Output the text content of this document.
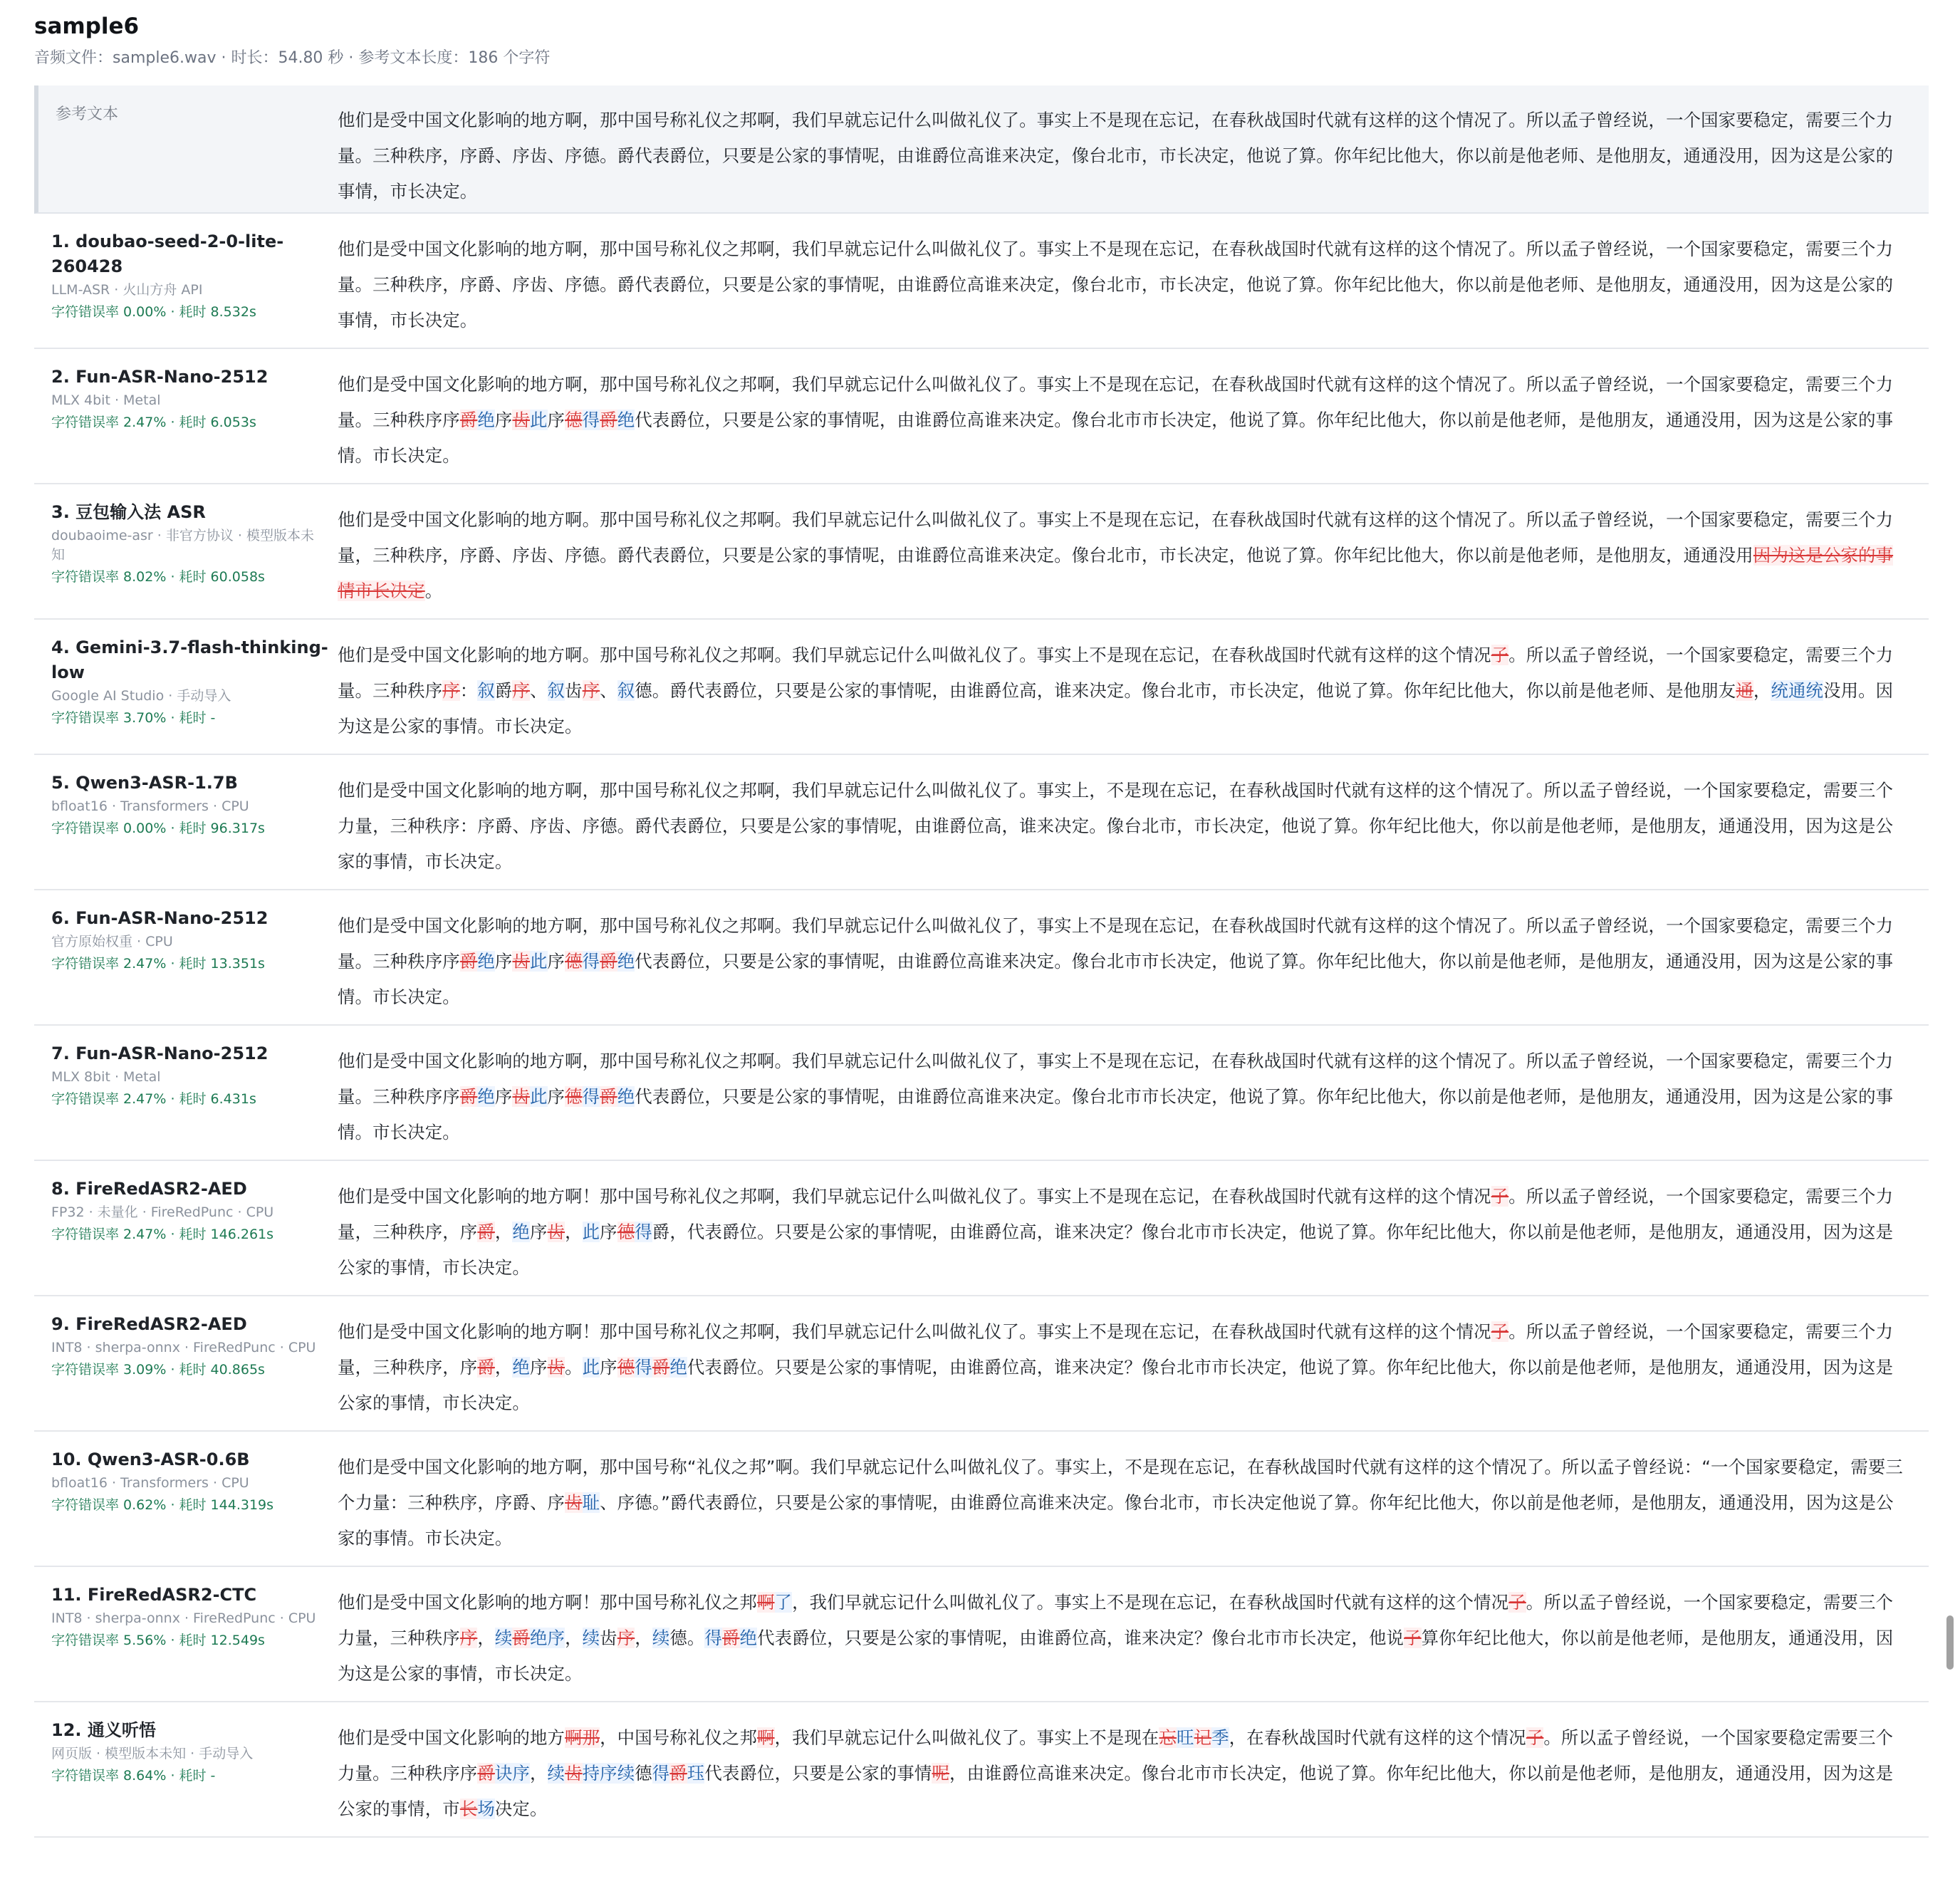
sample6
音频文件：sample6.wav · 时长：54.80 秒 · 参考文本长度：186 个字符
参考文本	他们是受中国文化影响的地方啊，那中国号称礼仪之邦啊，我们早就忘记什么叫做礼仪了。事实上不是现在忘记，在春秋战国时代就有这样的这个情况了。所以孟子曾经说，一个国家要稳定，需要三个力量。三种秩序，序爵、序齿、序德。爵代表爵位，只要是公家的事情呢，由谁爵位高谁来决定，像台北市，市长决定，他说了算。你年纪比他大，你以前是他老师、是他朋友，通通没用，因为这是公家的事情，市长决定。
1. doubao-seed-2-0-lite-
260428
LLM-ASR · 火山方舟 API
字符错误率 0.00% · 耗时 8.532s
他们是受中国文化影响的地方啊，那中国号称礼仪之邦啊，我们早就忘记什么叫做礼仪了。事实上不是现在忘记，在春秋战国时代就有这样的这个情况了。所以孟子曾经说，一个国家要稳定，需要三个力量。三种秩序，序爵、序齿、序德。爵代表爵位，只要是公家的事情呢，由谁爵位高谁来决定，像台北市，市长决定，他说了算。你年纪比他大，你以前是他老师、是他朋友，通通没用，因为这是公家的事情，市长决定。
2. Fun-ASR-Nano-2512
MLX 4bit · Metal
字符错误率 2.47% · 耗时 6.053s
他们是受中国文化影响的地方啊，那中国号称礼仪之邦啊，我们早就忘记什么叫做礼仪了。事实上不是现在忘记，在春秋战国时代就有这样的这个情况了。所以孟子曾经说，一个国家要稳定，需要三个力量。三种秩序序爵绝序齿此序德得爵绝代表爵位，只要是公家的事情呢，由谁爵位高谁来决定。像台北市市长决定，他说了算。你年纪比他大，你以前是他老师，是他朋友，通通没用，因为这是公家的事情。市长决定。
3. 豆包输入法 ASR
doubaoime-asr · 非官方协议 · 模型版本未知
字符错误率 8.02% · 耗时 60.058s
他们是受中国文化影响的地方啊。那中国号称礼仪之邦啊。我们早就忘记什么叫做礼仪了。事实上不是现在忘记，在春秋战国时代就有这样的这个情况了。所以孟子曾经说，一个国家要稳定，需要三个力量，三种秩序，序爵、序齿、序德。爵代表爵位，只要是公家的事情呢，由谁爵位高谁来决定。像台北市，市长决定，他说了算。你年纪比他大，你以前是他老师，是他朋友，通通没用因为这是公家的事情市长决定。
4. Gemini-3.7-flash-thinking-
low
Google AI Studio · 手动导入
字符错误率 3.70% · 耗时 -
他们是受中国文化影响的地方啊。那中国号称礼仪之邦啊。我们早就忘记什么叫做礼仪了。事实上不是现在忘记，在春秋战国时代就有这样的这个情况子。所以孟子曾经说，一个国家要稳定，需要三个力量。三种秩序序：叙爵序、叙齿序、叙德。爵代表爵位，只要是公家的事情呢，由谁爵位高，谁来决定。像台北市，市长决定，他说了算。你年纪比他大，你以前是他老师、是他朋友通，统通统没用。因为这是公家的事情。市长决定。
5. Qwen3-ASR-1.7B
bfloat16 · Transformers · CPU
字符错误率 0.00% · 耗时 96.317s
他们是受中国文化影响的地方啊，那中国号称礼仪之邦啊，我们早就忘记什么叫做礼仪了。事实上，不是现在忘记，在春秋战国时代就有这样的这个情况了。所以孟子曾经说，一个国家要稳定，需要三个力量，三种秩序：序爵、序齿、序德。爵代表爵位，只要是公家的事情呢，由谁爵位高，谁来决定。像台北市，市长决定，他说了算。你年纪比他大，你以前是他老师，是他朋友，通通没用，因为这是公家的事情，市长决定。
6. Fun-ASR-Nano-2512
官方原始权重 · CPU
字符错误率 2.47% · 耗时 13.351s
他们是受中国文化影响的地方啊，那中国号称礼仪之邦啊。我们早就忘记什么叫做礼仪了，事实上不是现在忘记，在春秋战国时代就有这样的这个情况了。所以孟子曾经说，一个国家要稳定，需要三个力量。三种秩序序爵绝序齿此序德得爵绝代表爵位，只要是公家的事情呢，由谁爵位高谁来决定。像台北市市长决定，他说了算。你年纪比他大，你以前是他老师，是他朋友，通通没用，因为这是公家的事情。市长决定。
7. Fun-ASR-Nano-2512
MLX 8bit · Metal
字符错误率 2.47% · 耗时 6.431s
他们是受中国文化影响的地方啊，那中国号称礼仪之邦啊。我们早就忘记什么叫做礼仪了，事实上不是现在忘记，在春秋战国时代就有这样的这个情况了。所以孟子曾经说，一个国家要稳定，需要三个力量。三种秩序序爵绝序齿此序德得爵绝代表爵位，只要是公家的事情呢，由谁爵位高谁来决定。像台北市市长决定，他说了算。你年纪比他大，你以前是他老师，是他朋友，通通没用，因为这是公家的事情。市长决定。
8. FireRedASR2-AED
FP32 · 未量化 · FireRedPunc · CPU
字符错误率 2.47% · 耗时 146.261s
他们是受中国文化影响的地方啊！那中国号称礼仪之邦啊，我们早就忘记什么叫做礼仪了。事实上不是现在忘记，在春秋战国时代就有这样的这个情况子。所以孟子曾经说，一个国家要稳定，需要三个力量，三种秩序，序爵，绝序齿，此序德得爵，代表爵位。只要是公家的事情呢，由谁爵位高，谁来决定？像台北市市长决定，他说了算。你年纪比他大，你以前是他老师，是他朋友，通通没用，因为这是公家的事情，市长决定。
9. FireRedASR2-AED
INT8 · sherpa-onnx · FireRedPunc · CPU
字符错误率 3.09% · 耗时 40.865s
他们是受中国文化影响的地方啊！那中国号称礼仪之邦啊，我们早就忘记什么叫做礼仪了。事实上不是现在忘记，在春秋战国时代就有这样的这个情况子。所以孟子曾经说，一个国家要稳定，需要三个力量，三种秩序，序爵，绝序齿。此序德得爵绝代表爵位。只要是公家的事情呢，由谁爵位高，谁来决定？像台北市市长决定，他说了算。你年纪比他大，你以前是他老师，是他朋友，通通没用，因为这是公家的事情，市长决定。
10. Qwen3-ASR-0.6B
bfloat16 · Transformers · CPU
字符错误率 0.62% · 耗时 144.319s
他们是受中国文化影响的地方啊，那中国号称“礼仪之邦”啊。我们早就忘记什么叫做礼仪了。事实上，不是现在忘记，在春秋战国时代就有这样的这个情况了。所以孟子曾经说：“一个国家要稳定，需要三个力量：三种秩序，序爵、序齿耻、序德。”爵代表爵位，只要是公家的事情呢，由谁爵位高谁来决定。像台北市，市长决定他说了算。你年纪比他大，你以前是他老师，是他朋友，通通没用，因为这是公家的事情。市长决定。
11. FireRedASR2-CTC
INT8 · sherpa-onnx · FireRedPunc · CPU
字符错误率 5.56% · 耗时 12.549s
他们是受中国文化影响的地方啊！那中国号称礼仪之邦啊了，我们早就忘记什么叫做礼仪了。事实上不是现在忘记，在春秋战国时代就有这样的这个情况子。所以孟子曾经说，一个国家要稳定，需要三个力量，三种秩序序，续爵绝序，续齿序，续德。得爵绝代表爵位，只要是公家的事情呢，由谁爵位高，谁来决定？像台北市市长决定，他说子算你年纪比他大，你以前是他老师，是他朋友，通通没用，因为这是公家的事情，市长决定。
12. 通义听悟
网页版 · 模型版本未知 · 手动导入
字符错误率 8.64% · 耗时 -
他们是受中国文化影响的地方啊那，中国号称礼仪之邦啊，我们早就忘记什么叫做礼仪了。事实上不是现在忘旺记季，在春秋战国时代就有这样的这个情况子。所以孟子曾经说，一个国家要稳定需要三个力量。三种秩序序爵诀序，续齿持序续德得爵珏代表爵位，只要是公家的事情呢，由谁爵位高谁来决定。像台北市市长决定，他说了算。你年纪比他大，你以前是他老师，是他朋友，通通没用，因为这是公家的事情，市长场决定。
